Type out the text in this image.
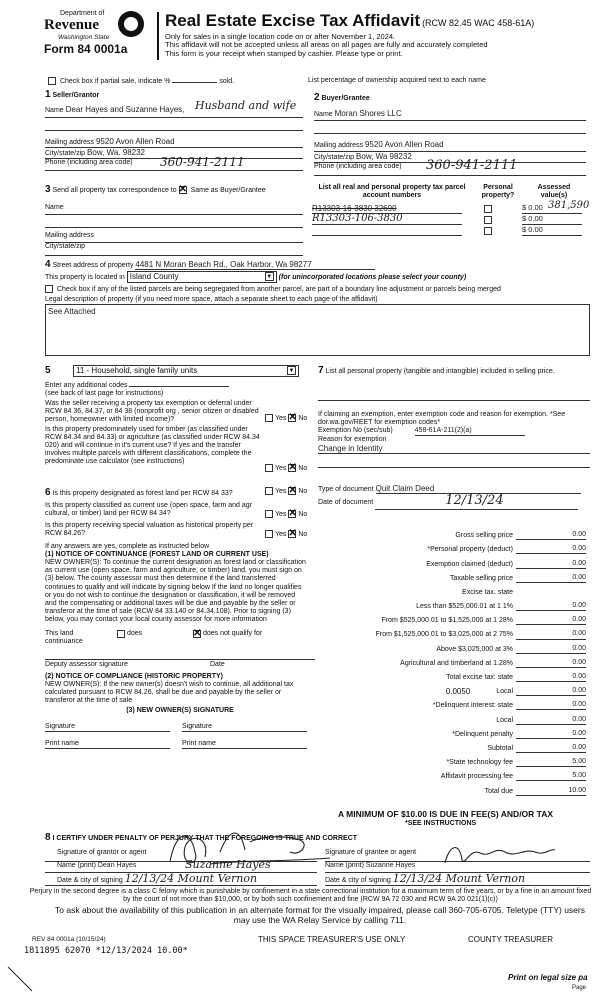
Department of
Revenue
Washington State
Form 84 0001a
Real Estate Excise Tax Affidavit (RCW 82.45 WAC 458-61A)
Only for sales in a single location code on or after November 1, 2024.
This affidavit will not be accepted unless all areas on all pages are fully and accurately completed
This form is your receipt when stamped by cashier. Please type or print.
Check box if partial sale, indicate %	sold.	List percentage of ownership acquired next to each name
1 Seller/Grantor
Name Dear Hayes and Suzanne Hayes, Husband and wife
Mailing address 9520 Avon Allen Road
City/state/zip Bow, Wa. 98232
Phone (including area code) 360-941-2111
2 Buyer/Grantee
Name Moran Shores LLC
Mailing address 9520 Avon Allen Road
City/state/zip Bow, Wa 98232
Phone (including area code) 360-941-2111
3 Send all property tax correspondence to ✕ Same as Buyer/Grantee
Name
Mailing address
City/state/zip
List all real and personal property tax parcel account numbers
Personal property?
Assessed value(s)
R13303-16-3830 32690	$ 0.00 381,590
R13303-106-3830	$ 0.00
$ 0.00
4 Street address of property 4481 N Moran Beach Rd., Oak Harbor, Wa 98277
This property is located in Island County	▼ (for unincorporated locations please select your county)
Check box if any of the listed parcels are being segregated from another parcel, are part of a boundary line adjustment or parcels being merged
Legal description of property (if you need more space, attach a separate sheet to each page of the affidavit)
See Attached
5	11 - Household, single family units	▼
Enter any additional codes
(see back of last page for instructions)
Was the seller receiving a property tax exemption or deferral under RCW 84 36, 84.37, or 84 38 (nonprofit org , senior citizen or disabled person, homeowner with limited income)?	Yes ✕ No
Is this property predominately used for timber (as classified under RCW 84.34 and 84.33) or agriculture (as classified under RCW 84.34 020) and will continue in it's current use? If yes and the transfer involves multiple parcels with different classifications, complete the predominate use calculator (see instructions)
Yes ✕ No
6 Is this property designated as forest land per RCW 84 33?	Yes ✕ No
Is this property classified as current use (open space, farm and agr cultural, or timber) land per RCW 84 34?	Yes ✕ No
Is this property receiving special valuation as historical property per RCW 84.26?	Yes ✕ No
If any answers are yes, complete as instructed below
(1) NOTICE OF CONTINUANCE (FOREST LAND OR CURRENT USE)
NEW OWNER(S): To continue the current designation as forest land or classification as current use (open space, farm and agriculture, or timber) land, you must sign on (3) below. The county assessor must then determine if the land transferred continues to qualify and will indicate by signing below If the land no longer qualifies or you do not wish to continue the designation or classification, it will be removed and the compensating or additional taxes will be due and payable by the seller or transferor at the time of sale (RCW 84 33.140 or 84.34.108). Prior to signing (3) below, you may contact your local county assessor for more information
This land	does ✕	does not qualify for
continuance
Deputy assessor signature	Date
(2) NOTICE OF COMPLIANCE (HISTORIC PROPERTY)
NEW OWNER(S): If the new owner(s) doesn't wish to continue, all additional tax calculated pursuant to RCW 84.26, shall be due and payable by the seller or transferor at the time of sale
(3) NEW OWNER(S) SIGNATURE
Signature	Signature
Print name	Print name
7 List all personal property (tangible and intangible) included in selling price.
If claiming an exemption, enter exemption code and reason for exemption. *See dor.wa.gov/REET for exemption codes*
Exemption No (sec/sub)	458-61A-211(2)(a)
Reason for exemption
Change in Identity
Type of document Quit Claim Deed
Date of document	12/13/24
Gross selling price	0.00
*Personal property (deduct)	0.00
Exemption claimed (deduct)	0.00
Taxable selling price	0.00
Excise tax. state
Less than $525,000.01 at 1 1%	0.00
From $525,000 01 to $1,525,000 at 1 28%	0.00
From $1,525,000 01 to $3,025,000 at 2 75%	0.00
Above $3,025,000 at 3%	0.00
Agricultural and timberland at 1.28%	0.00
Total excise tax: state	0.00
0.0050	Local	0.00
*Delinquent interest: state	0.00
Local	0.00
*Delinquent penalty	0.00
Subtotal	0.00
*State technology fee	5.00
Affidavit processing fee	5.00
Total due	10.00
A MINIMUM OF $10.00 IS DUE IN FEE(S) AND/OR TAX
*SEE INSTRUCTIONS
8 I CERTIFY UNDER PENALTY OF PERJURY THAT THE FOREGOING IS TRUE AND CORRECT
Signature of grantor or agent
Name (print) Dean Hayes	Suzanne Hayes
Date & city of signing 12/13/24 Mount Vernon
Signature of grantee or agent
Name (print) Suzanne Hayes
Date & city of signing 12/13/24 Mount Vernon
Perjury in the second degree is a class C felony which is punishable by confinement in a state correctional institution for a maximum term of five years, or by a fine in an amount fixed by the court of not more than $10,000, or by both such confinement and fine (RCW 9A 72 030 and RCW 9A 20 021(1)(c))
To ask about the availability of this publication in an alternate format for the visually impaired, please call 360-705-6705. Teletype (TTY) users may use the WA Relay Service by calling 711.
REV 84 0001a (10/15/24)	THIS SPACE TREASURER'S USE ONLY	COUNTY TREASURER
1811895 62070 *12/13/2024 10.00*
Print on legal size pa
Page
